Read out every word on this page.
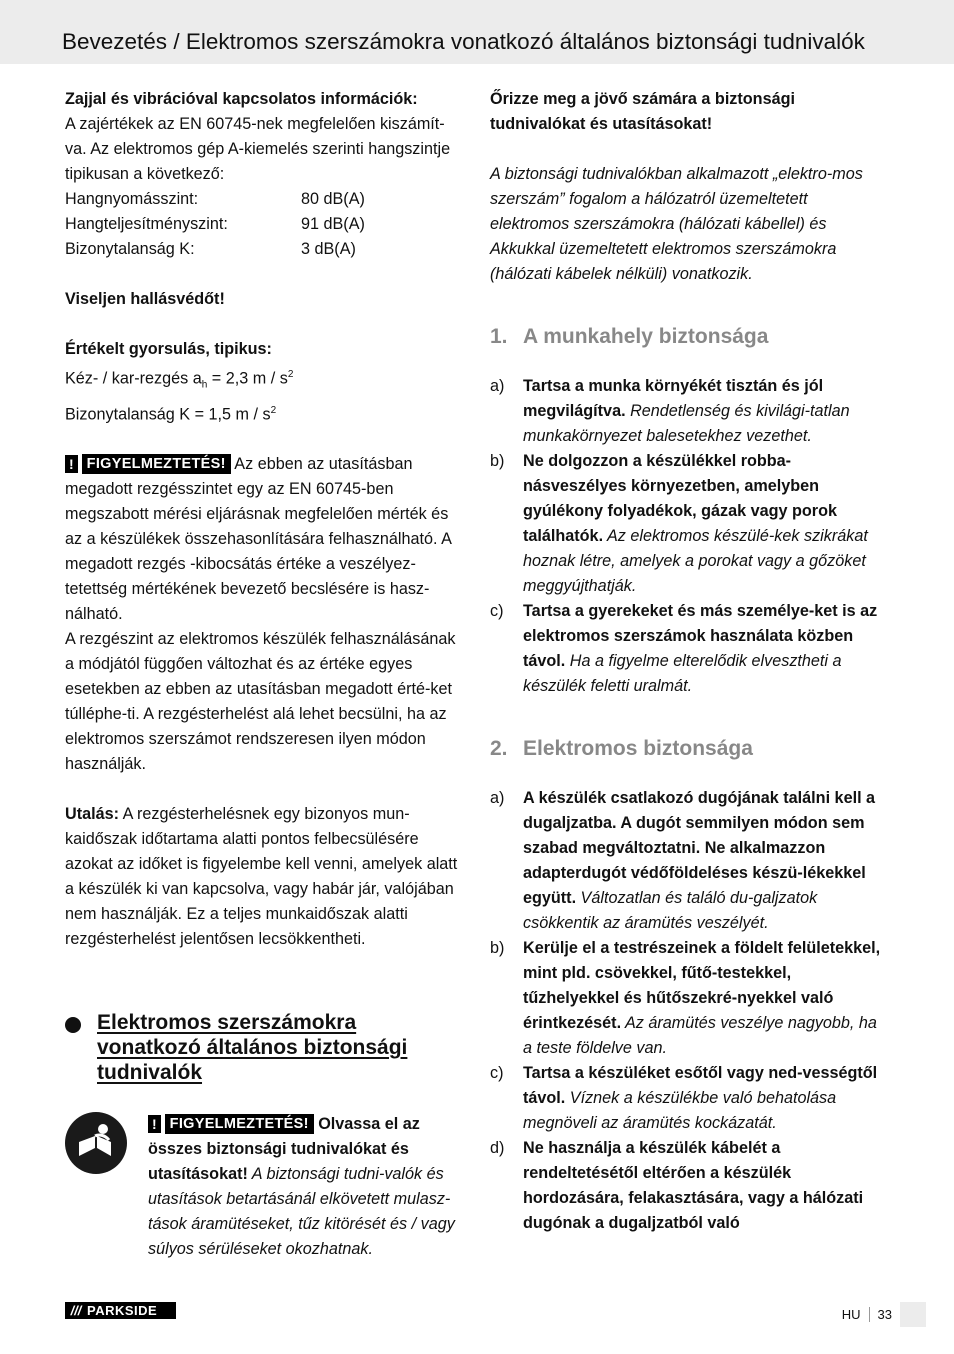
Bevezetés / Elektromos szerszámokra vonatkozó általános biztonsági tudnivalók

Zajjal és vibrációval kapcsolatos információk:

A zajértékek az EN 60745-nek megfelelően kiszámít-va. Az elektromos gép A-kiemelés szerinti hangszintje tipikusan a következő:

Hangnyomásszint:	80 dB(A)
Hangteljesítményszint:	91 dB(A)
Bizonytalanság K:	3 dB(A)

Viseljen hallásvédőt!

Értékelt gyorsulás, tipikus:

Kéz- / kar-rezgés $a_h = 2,3$ m / $s^2$

Bizonytalanság K = 1,5 m / $s^2$

! FIGYELMEZTETÉS! Az ebben az utasításban megadott rezgésszintet egy az EN 60745-ben megszabott mérési eljárásnak megfelelően mérték és az a készülékek összehasonlítására felhasználható. A megadott rezgés -kibocsátás értéke a veszélyez-tetettség mértékének bevezető becslésére is hasz-nálható.

A rezgészint az elektromos készülék felhasználásának a módjától függően változhat és az értéke egyes esetekben az ebben az utasításban megadott érté-ket túlléphe-ti. A rezgésterhelést alá lehet becsülni, ha az elektromos szerszámot rendszeresen ilyen módon használják.

Utalás: A rezgésterhelésnek egy bizonyos mun-kaidőszak időtartama alatti pontos felbecsülésére azokat az időket is figyelembe kell venni, amelyek alatt a készülék ki van kapcsolva, vagy habár jár, valójában nem használják. Ez a teljes munkaidőszak alatti rezgésterhelést jelentősen lecsökkentheti.

Elektromos szerszámokra vonatkozó általános biztonsági tudnivalók
! FIGYELMEZTETÉS! Olvassa el az összes biztonsági tudnivalókat és utasításokat! A biztonsági tudni-valók és utasítások betartásánál elkövetett mulasz-tások áramütéseket, tűz kitörését és / vagy súlyos sérüléseket okozhatnak.

Őrizze meg a jövő számára a biztonsági tudnivalókat és utasításokat!

A biztonsági tudnivalókban alkalmazott „elektro-mos szerszám” fogalom a hálózatról üzemeltetett elektromos szerszámokra (hálózati kábellel) és Akkukkal üzemeltetett elektromos szerszámokra (hálózati kábelek nélküli) vonatkozik.

1. A munkahely biztonsága
a)	Tartsa a munka környékét tisztán és jól megvilágítva. Rendetlenség és kivilági-tatlan munkakörnyezet balesetekhez vezethet.
b)	Ne dolgozzon a készülékkel robba-násveszélyes környezetben, amelyben gyúlékony folyadékok, gázak vagy porok találhatók. Az elektromos készülé-kek szikrákat hoznak létre, amelyek a porokat vagy a gőzöket meggyújthatják.
c)	Tartsa a gyerekeket és más személye-ket is az elektromos szerszámok használata közben távol. Ha a figyelme elterelődik elvesztheti a készülék feletti uralmát.
2. Elektromos biztonsága
a)	A készülék csatlakozó dugójának találni kell a dugaljzatba. A dugót semmilyen módon sem szabad megváltoztatni. Ne alkalmazzon adapterdugót védőföldeléses készü-lékekkel együtt. Változatlan és találó du-galjzatok csökkentik az áramütés veszélyét.
b)	Kerülje el a testrészeinek a földelt felületekkel, mint pld. csövekkel, fűtő-testekkel, tűzhelyekkel és hűtőszekré-nyekkel való érintkezését. Az áramütés veszélye nagyobb, ha a teste földelve van.
c)	Tartsa a készüléket esőtől vagy ned-vességtől távol. Víznek a készülékbe való behatolása megnöveli az áramütés kockázatát.
d)	Ne használja a készülék kábelét a rendeltetésétől eltérően a készülék hordozására, felakasztására, vagy a hálózati dugónak a dugaljzatból való
/// PARKSIDE	HU	33
